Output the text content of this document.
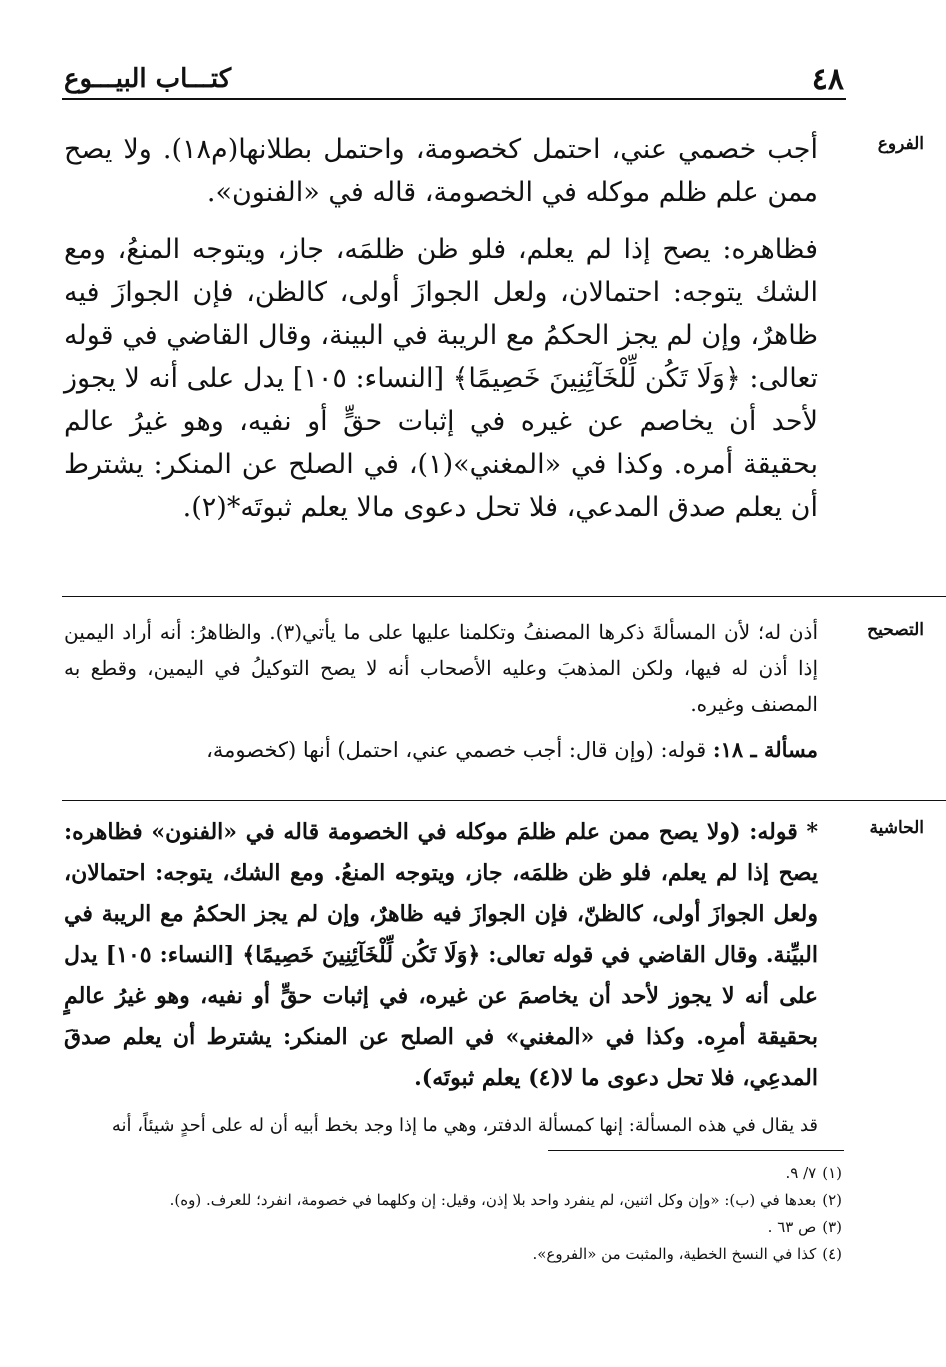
٤٨
كتـــاب البيـــوع
الفروع

أجب خصمي عني، احتمل كخصومة، واحتمل بطلانها(م١٨). ولا يصح ممن علم ظلم موكله في الخصومة، قاله في «الفنون».

فظاهره: يصح إذا لم يعلم، فلو ظن ظلمَه، جاز، ويتوجه المنعُ، ومع الشك يتوجه: احتمالان، ولعل الجوازَ أولى، كالظن، فإن الجوازَ فيه ظاهرٌ، وإن لم يجز الحكمُ مع الريبة في البينة، وقال القاضي في قوله تعالى: ﴿وَلَا تَكُن لِّلْخَآئِنِينَ خَصِيمًا﴾ [النساء: ١٠٥] يدل على أنه لا يجوز لأحد أن يخاصم عن غيره في إثبات حقٍّ أو نفيه، وهو غيرُ عالم بحقيقة أمره. وكذا في «المغني»(١)، في الصلح عن المنكر: يشترط أن يعلم صدق المدعي، فلا تحل دعوى مالا يعلم ثبوتَه*(٢).

التصحيح

أذن له؛ لأن المسألةَ ذكرها المصنفُ وتكلمنا عليها على ما يأتي(٣). والظاهرُ: أنه أراد اليمين إذا أذن له فيها، ولكن المذهبَ وعليه الأصحاب أنه لا يصح التوكيلُ في اليمين، وقطع به المصنف وغيره.

مسألة ـ ١٨: قوله: (وإن قال: أجب خصمي عني، احتمل) أنها (كخصومة،

الحاشية

* قوله: (ولا يصح ممن علم ظلمَ موكله في الخصومة قاله في «الفنون» فظاهره: يصح إذا لم يعلم، فلو ظن ظلمَه، جاز، ويتوجه المنعُ. ومع الشك، يتوجه: احتمالان، ولعل الجوازَ أولى، كالظنّ، فإن الجوازَ فيه ظاهرٌ، وإن لم يجز الحكمُ مع الريبة في البيِّنة. وقال القاضي في قوله تعالى: ﴿وَلَا تَكُن لِّلْخَآئِنِينَ خَصِيمًا﴾ [النساء: ١٠٥] يدل على أنه لا يجوز لأحد أن يخاصمَ عن غيره، في إثبات حقٍّ أو نفيه، وهو غيرُ عالمٍ بحقيقة أمرِه. وكذا في «المغني» في الصلح عن المنكر: يشترط أن يعلم صدقَ المدعِي، فلا تحل دعوى ما لا(٤) يعلم ثبوتَه).

قد يقال في هذه المسألة: إنها كمسألة الدفتر، وهي ما إذا وجد بخط أبيه أن له على أحدٍ شيئاً، أنه

(١)٧/ ٩.
(٢)بعدها في (ب): «وإن وكل اثنين، لم ينفرد واحد بلا إذن، وقيل: إن وكلهما في خصومة، انفرد؛ للعرف. (وه).
(٣)ص ٦٣ .
(٤)كذا في النسخ الخطية، والمثبت من «الفروع».
